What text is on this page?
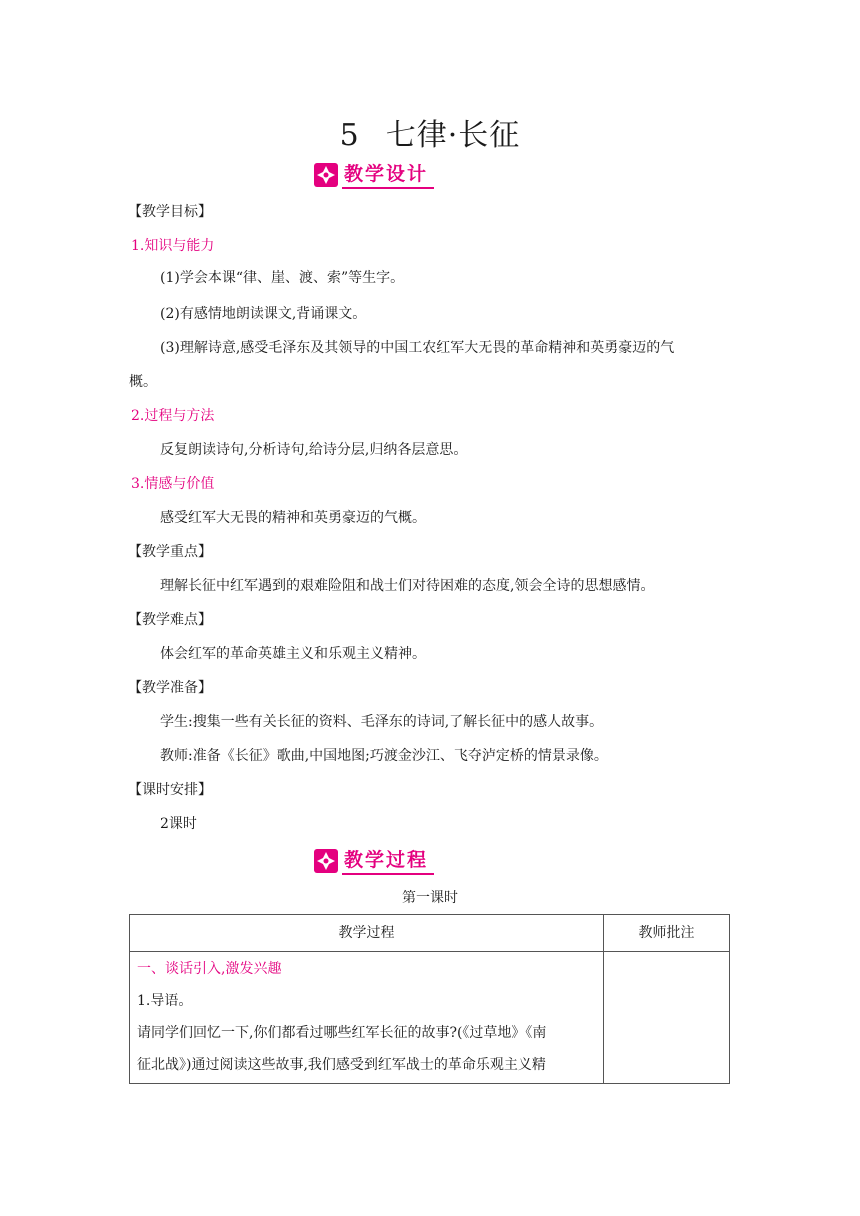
5 七律·长征
教学设计
【教学目标】
1.知识与能力
(1)学会本课“律、崖、渡、索”等生字。
(2)有感情地朗读课文,背诵课文。
(3)理解诗意,感受毛泽东及其领导的中国工农红军大无畏的革命精神和英勇豪迈的气
概。
2.过程与方法
反复朗读诗句,分析诗句,给诗分层,归纳各层意思。
3.情感与价值
感受红军大无畏的精神和英勇豪迈的气概。
【教学重点】
理解长征中红军遇到的艰难险阻和战士们对待困难的态度,领会全诗的思想感情。
【教学难点】
体会红军的革命英雄主义和乐观主义精神。
【教学准备】
学生:搜集一些有关长征的资料、毛泽东的诗词,了解长征中的感人故事。
教师:准备《长征》歌曲,中国地图;巧渡金沙江、飞夺泸定桥的情景录像。
【课时安排】
2课时
教学过程
第一课时
教学过程	教师批注
一、谈话引入,激发兴趣
1.导语。
请同学们回忆一下,你们都看过哪些红军长征的故事?(《过草地》《南
征北战》)通过阅读这些故事,我们感受到红军战士的革命乐观主义精
